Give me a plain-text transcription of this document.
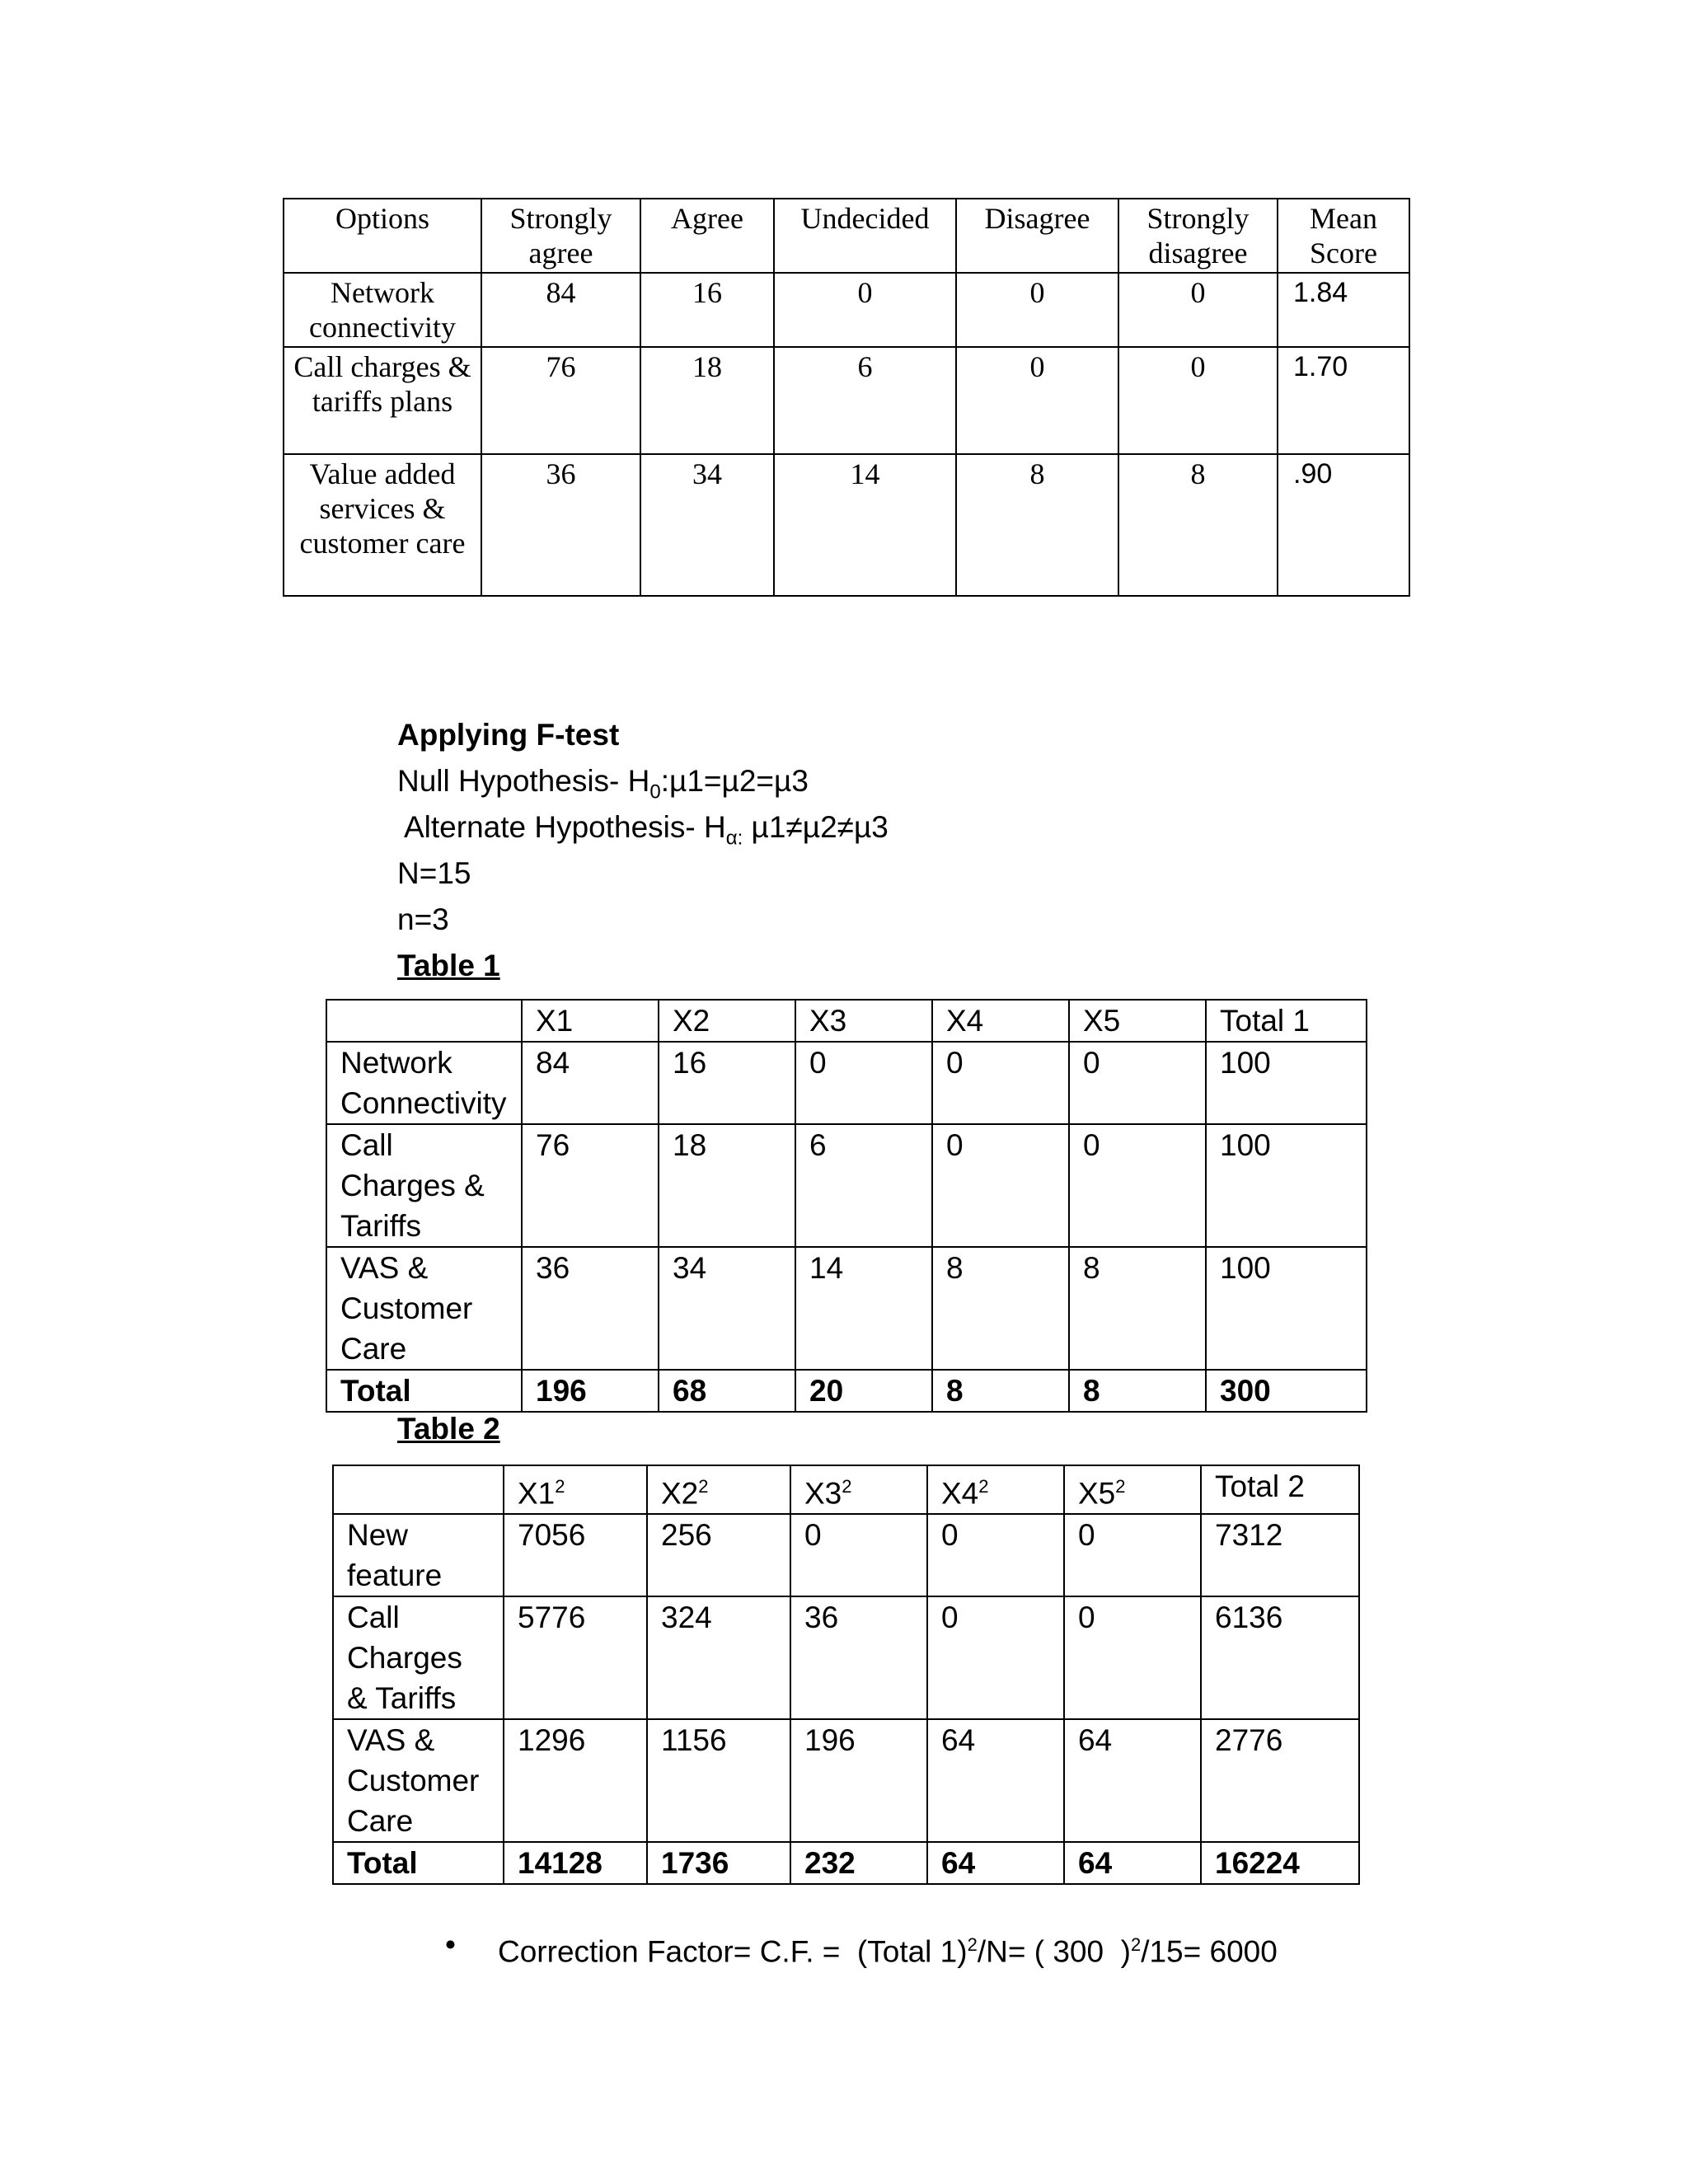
Options	Strongly agree	Agree	Undecided	Disagree	Strongly disagree	Mean Score
Network connectivity	84	16	0	0	0	1.84
Call charges & tariffs plans	76	18	6	0	0	1.70
Value added services & customer care	36	34	14	8	8	.90
Applying F-test
Null Hypothesis- $H_0:\mu 1=\mu 2=\mu 3$
Alternate Hypothesis- $H_{\alpha:}$ µ1≠µ2≠µ3
N=15
n=3
Table 1
	X1	X2	X3	X4	X5	Total 1
Network Connectivity	84	16	0	0	0	100
Call Charges & Tariffs	76	18	6	0	0	100
VAS & Customer Care	36	34	14	8	8	100
Total	196	68	20	8	8	300
Table 2
	$X1^2$	$X2^2$	$X3^2$	$X4^2$	$X5^2$	Total 2
New feature	7056	256	0	0	0	7312
Call Charges & Tariffs	5776	324	36	0	0	6136
VAS & Customer Care	1296	1156	196	64	64	2776
Total	14128	1736	232	64	64	16224
• Correction Factor= C.F. =  (Total 1)$^2$/N= ( 300  )$^2$/15= 6000
